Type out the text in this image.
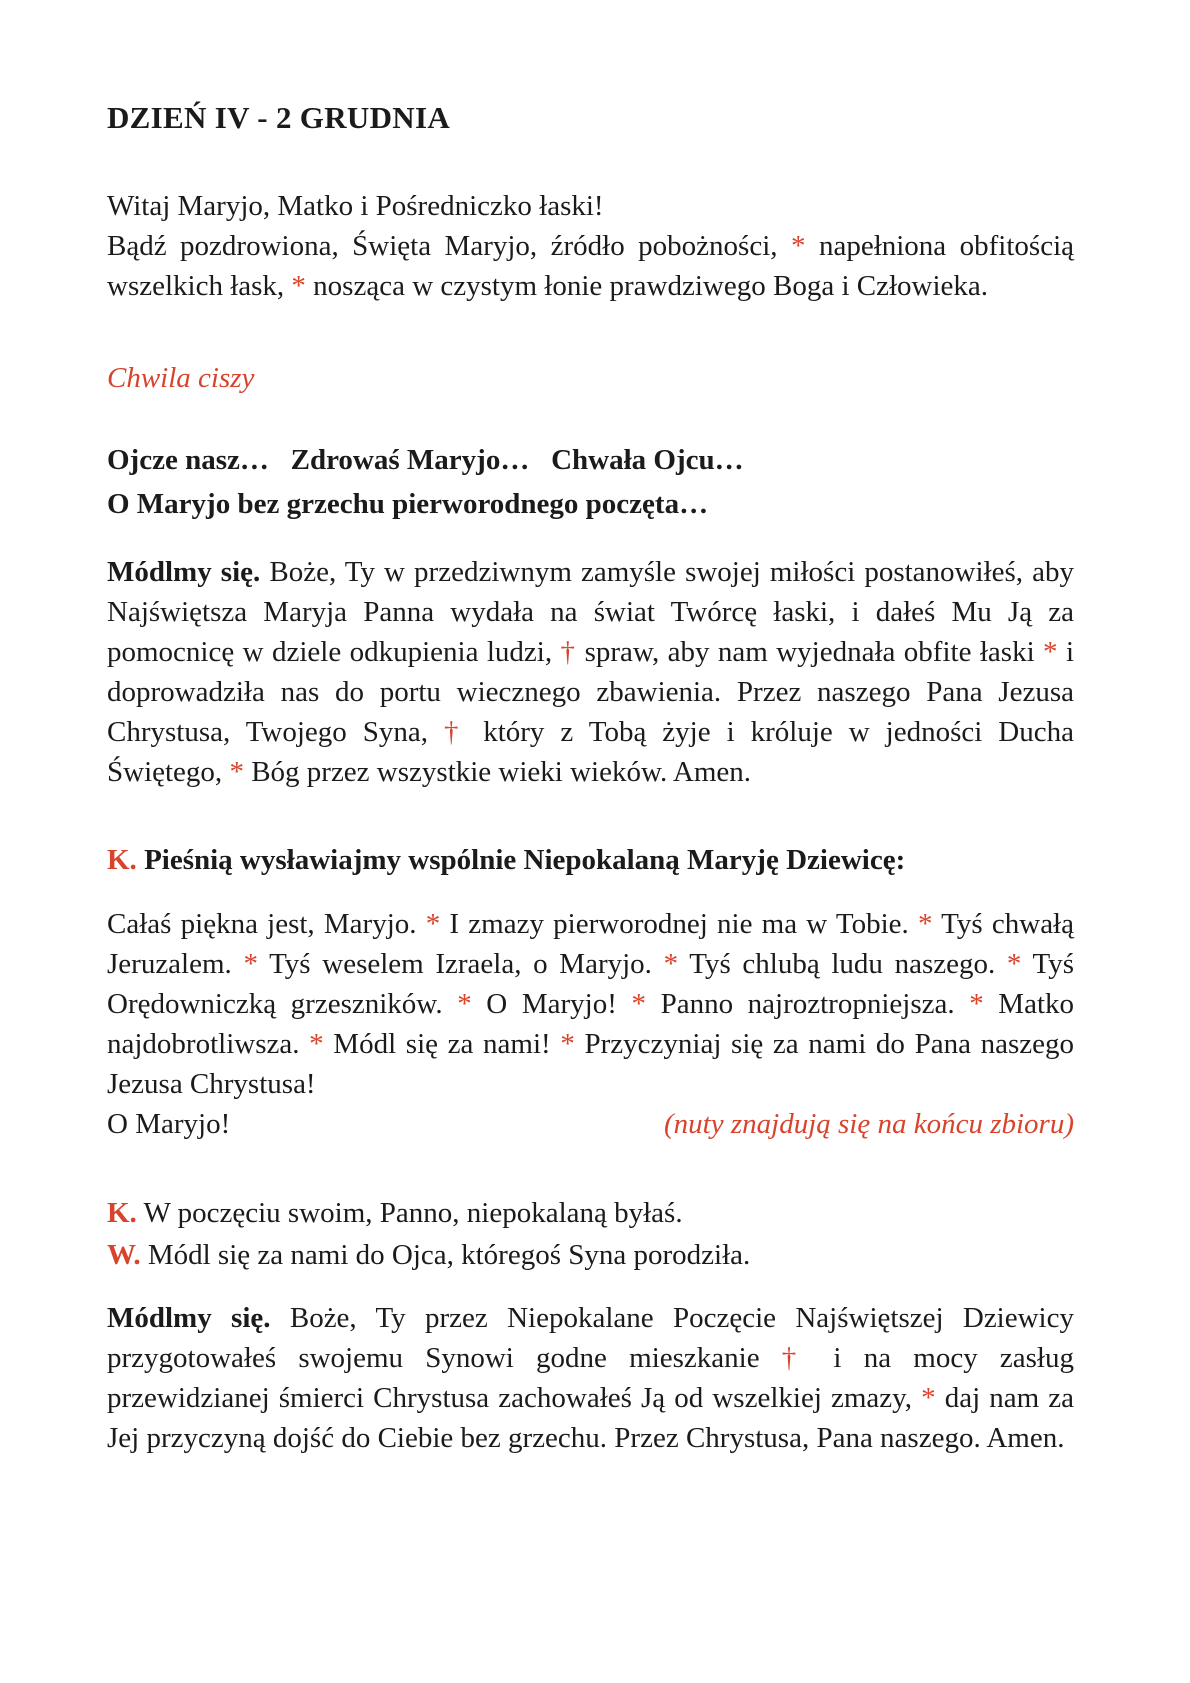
DZIEŃ IV - 2 GRUDNIA

Witaj Maryjo, Matko i Pośredniczko łaski!
Bądź pozdrowiona, Święta Maryjo, źródło pobożności, * napełniona obfitością wszelkich łask, * nosząca w czystym łonie prawdziwego Boga i Człowieka.

Chwila ciszy

Ojcze nasz…   Zdrowaś Maryjo…   Chwała Ojcu…
O Maryjo bez grzechu pierworodnego poczęta…

Módlmy się. Boże, Ty w przedziwnym zamyśle swojej miłości postanowiłeś, aby Najświętsza Maryja Panna wydała na świat Twórcę łaski, i dałeś Mu Ją za pomocnicę w dziele odkupienia ludzi, † spraw, aby nam wyjednała obfite łaski * i doprowadziła nas do portu wiecznego zbawienia. Przez naszego Pana Jezusa Chrystusa, Twojego Syna, † który z Tobą żyje i króluje w jedności Ducha Świętego, * Bóg przez wszystkie wieki wieków. Amen.

K. Pieśnią wysławiajmy wspólnie Niepokalaną Maryję Dziewicę:

Całaś piękna jest, Maryjo. * I zmazy pierworodnej nie ma w Tobie. * Tyś chwałą Jeruzalem. * Tyś weselem Izraela, o Maryjo. * Tyś chlubą ludu naszego. * Tyś Orędowniczką grzeszników. * O Maryjo! * Panno najroztropniejsza. * Matko najdobrotliwsza. * Módl się za nami! * Przyczyniaj się za nami do Pana naszego Jezusa Chrystusa!

O Maryjo!	(nuty znajdują się na końcu zbioru)

K. W poczęciu swoim, Panno, niepokalaną byłaś.

W. Módl się za nami do Ojca, któregoś Syna porodziła.

Módlmy się. Boże, Ty przez Niepokalane Poczęcie Najświętszej Dziewicy przygotowałeś swojemu Synowi godne mieszkanie † i na mocy zasług przewidzianej śmierci Chrystusa zachowałeś Ją od wszelkiej zmazy, * daj nam za Jej przyczyną dojść do Ciebie bez grzechu. Przez Chrystusa, Pana naszego. Amen.
